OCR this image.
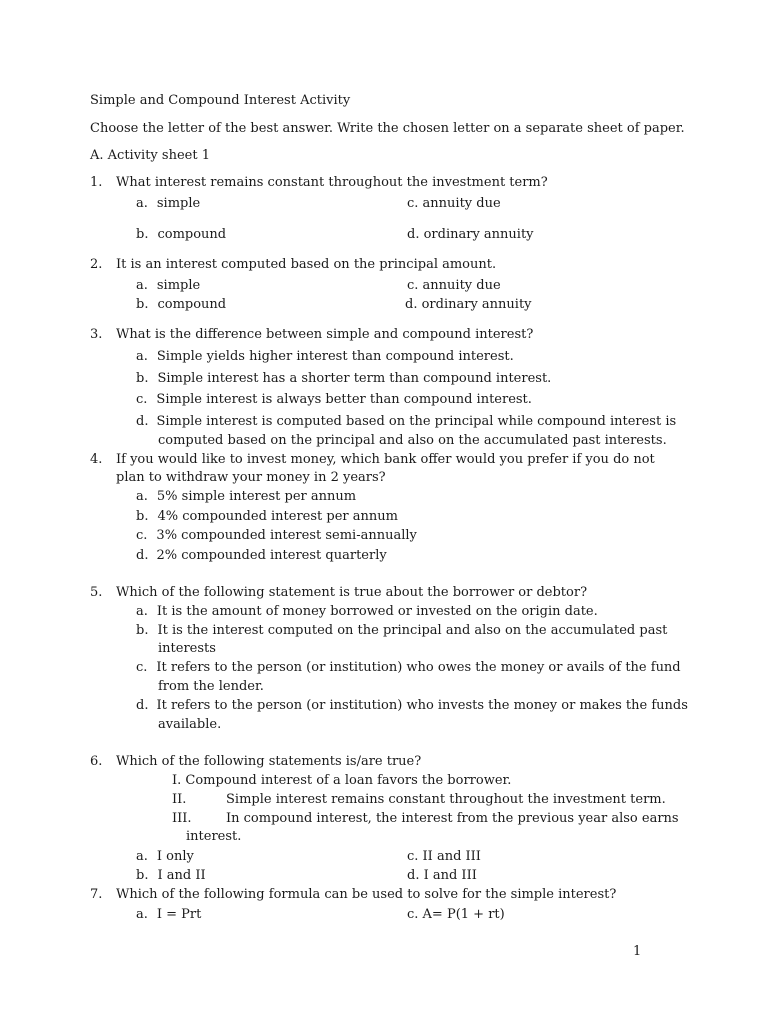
Simple and Compound Interest Activity
Choose the letter of the best answer. Write the chosen letter on a separate sheet of paper.
A. Activity sheet 1
1.	What interest remains constant throughout the investment term?
a. simple	c. annuity due
b. compound	d. ordinary annuity
2.	It is an interest computed based on the principal amount.
a. simple	c. annuity due
b. compound	d. ordinary annuity
3.	What is the difference between simple and compound interest?
a. Simple yields higher interest than compound interest.
b. Simple interest has a shorter term than compound interest.
c. Simple interest is always better than compound interest.
d. Simple interest is computed based on the principal while compound interest is
computed based on the principal and also on the accumulated past interests.
4.	If you would like to invest money, which bank offer would you prefer if you do not
plan to withdraw your money in 2 years?
a. 5% simple interest per annum
b. 4% compounded interest per annum
c. 3% compounded interest semi-annually
d. 2% compounded interest quarterly
5.	Which of the following statement is true about the borrower or debtor?
a. It is the amount of money borrowed or invested on the origin date.
b. It is the interest computed on the principal and also on the accumulated past
interests
c. It refers to the person (or institution) who owes the money or avails of the fund
from the lender.
d. It refers to the person (or institution) who invests the money or makes the funds
available.
6.	Which of the following statements is/are true?
I. Compound interest of a loan favors the borrower.
II.	Simple interest remains constant throughout the investment term.
III.	In compound interest, the interest from the previous year also earns
interest.
a. I only	c. II and III
b. I and II	d. I and III
7.	Which of the following formula can be used to solve for the simple interest?
a. I = Prt	c. A= P(1 + rt)
1
